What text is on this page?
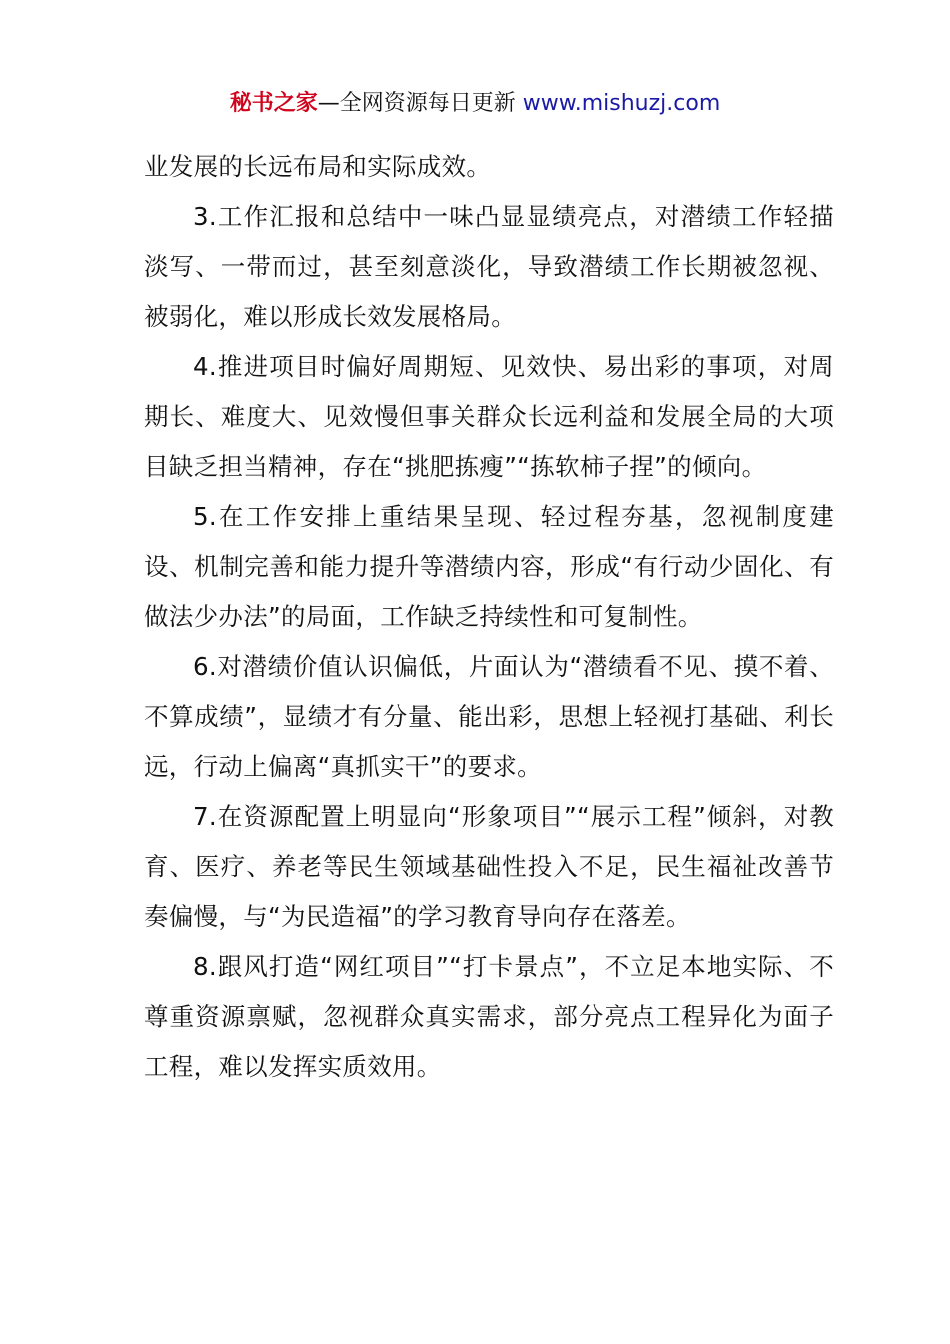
秘书之家—全网资源每日更新 www.mishuzj.com

业发展的长远布局和实际成效。

3.工作汇报和总结中一味凸显显绩亮点，对潜绩工作轻描淡写、一带而过，甚至刻意淡化，导致潜绩工作长期被忽视、被弱化，难以形成长效发展格局。

4.推进项目时偏好周期短、见效快、易出彩的事项，对周期长、难度大、见效慢但事关群众长远利益和发展全局的大项目缺乏担当精神，存在“挑肥拣瘦”“拣软柿子捏”的倾向。

5.在工作安排上重结果呈现、轻过程夯基，忽视制度建设、机制完善和能力提升等潜绩内容，形成“有行动少固化、有做法少办法”的局面，工作缺乏持续性和可复制性。

6.对潜绩价值认识偏低，片面认为“潜绩看不见、摸不着、不算成绩”，显绩才有分量、能出彩，思想上轻视打基础、利长远，行动上偏离“真抓实干”的要求。

7.在资源配置上明显向“形象项目”“展示工程”倾斜，对教育、医疗、养老等民生领域基础性投入不足，民生福祉改善节奏偏慢，与“为民造福”的学习教育导向存在落差。

8.跟风打造“网红项目”“打卡景点”，不立足本地实际、不尊重资源禀赋，忽视群众真实需求，部分亮点工程异化为面子工程，难以发挥实质效用。
